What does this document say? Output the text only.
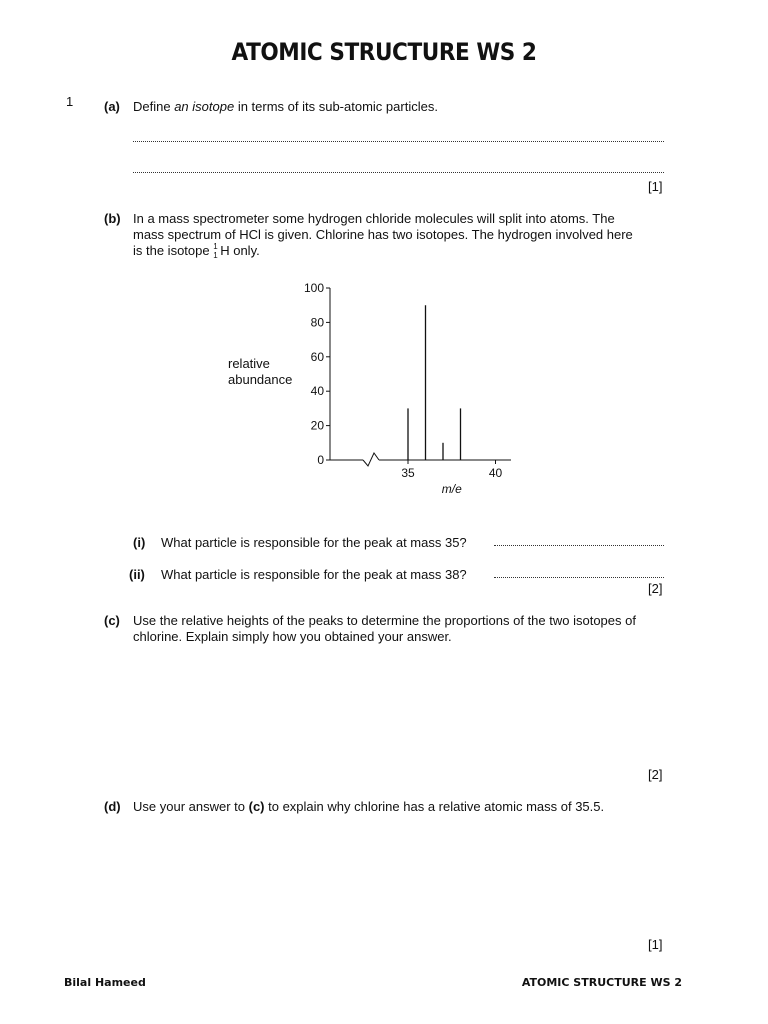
ATOMIC STRUCTURE WS 2
1 (a) Define an isotope in terms of its sub-atomic particles.
[1]
(b) In a mass spectrometer some hydrogen chloride molecules will split into atoms. The
mass spectrum of HCl is given. Chlorine has two isotopes. The hydrogen involved here
is the isotope 1
1 H only.
relative
abundance
0
20
40
60
80
100
35	40
m/e
(i) What particle is responsible for the peak at mass 35?
(ii) What particle is responsible for the peak at mass 38?
[2]
(c) Use the relative heights of the peaks to determine the proportions of the two isotopes of
chlorine. Explain simply how you obtained your answer.
[2]
(d) Use your answer to (c) to explain why chlorine has a relative atomic mass of 35.5.
[1]
Bilal Hameed	ATOMIC STRUCTURE WS 2
